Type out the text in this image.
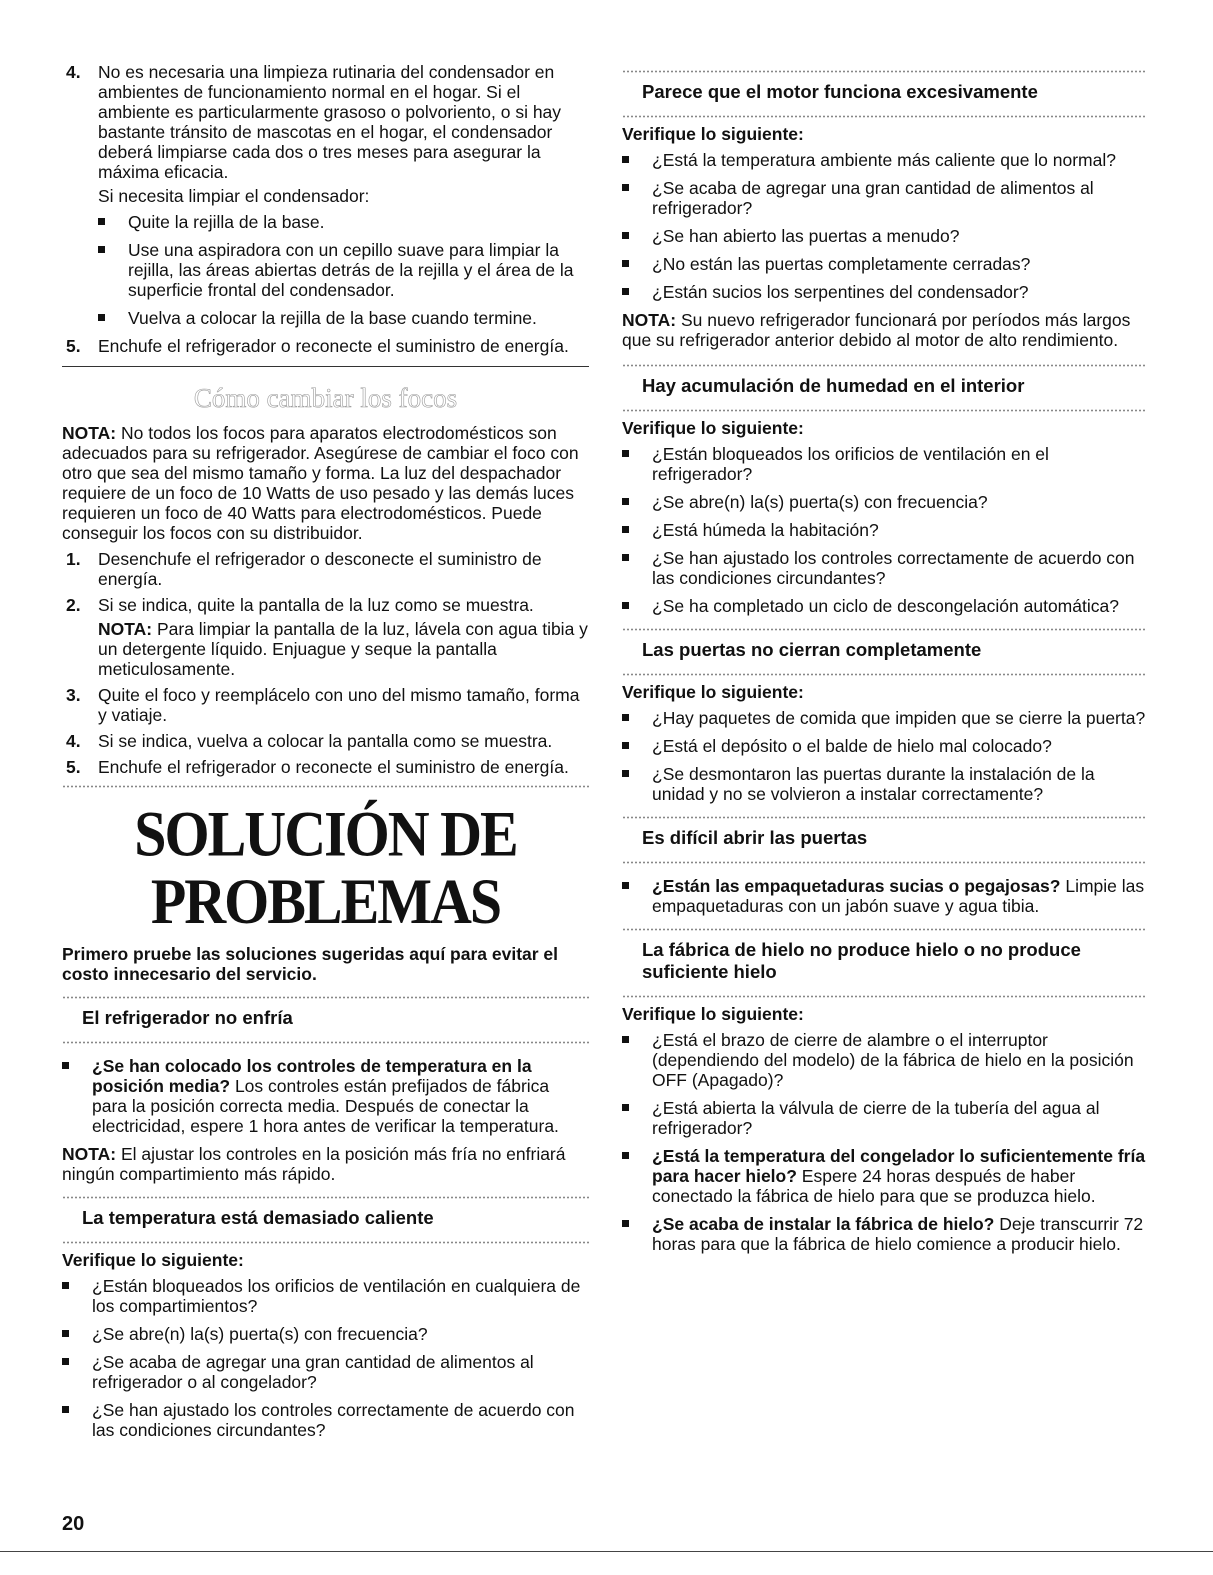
4. No es necesaria una limpieza rutinaria del condensador en ambientes de funcionamiento normal en el hogar. Si el ambiente es particularmente grasoso o polvoriento, o si hay bastante tránsito de mascotas en el hogar, el condensador deberá limpiarse cada dos o tres meses para asegurar la máxima eficacia.

Si necesita limpiar el condensador:

Quite la rejilla de la base.
Use una aspiradora con un cepillo suave para limpiar la rejilla, las áreas abiertas detrás de la rejilla y el área de la superficie frontal del condensador.
Vuelva a colocar la rejilla de la base cuando termine.
5. Enchufe el refrigerador o reconecte el suministro de energía.

Cómo cambiar los focos

NOTA: No todos los focos para aparatos electrodomésticos son adecuados para su refrigerador. Asegúrese de cambiar el foco con otro que sea del mismo tamaño y forma. La luz del despachador requiere de un foco de 10 Watts de uso pesado y las demás luces requieren un foco de 40 Watts para electrodomésticos. Puede conseguir los focos con su distribuidor.

1. Desenchufe el refrigerador o desconecte el suministro de energía.

2. Si se indica, quite la pantalla de la luz como se muestra.

NOTA: Para limpiar la pantalla de la luz, lávela con agua tibia y un detergente líquido. Enjuague y seque la pantalla meticulosamente.

3. Quite el foco y reemplácelo con uno del mismo tamaño, forma y vatiaje.

4. Si se indica, vuelva a colocar la pantalla como se muestra.

5. Enchufe el refrigerador o reconecte el suministro de energía.

SOLUCIÓN DE PROBLEMAS

Primero pruebe las soluciones sugeridas aquí para evitar el costo innecesario del servicio.

El refrigerador no enfría
¿Se han colocado los controles de temperatura en la posición media? Los controles están prefijados de fábrica para la posición correcta media. Después de conectar la electricidad, espere 1 hora antes de verificar la temperatura.

NOTA: El ajustar los controles en la posición más fría no enfriará ningún compartimiento más rápido.

La temperatura está demasiado caliente

Verifique lo siguiente:

¿Están bloqueados los orificios de ventilación en cualquiera de los compartimientos?
¿Se abre(n) la(s) puerta(s) con frecuencia?
¿Se acaba de agregar una gran cantidad de alimentos al refrigerador o al congelador?
¿Se han ajustado los controles correctamente de acuerdo con las condiciones circundantes?
Parece que el motor funciona excesivamente

Verifique lo siguiente:

¿Está la temperatura ambiente más caliente que lo normal?
¿Se acaba de agregar una gran cantidad de alimentos al refrigerador?
¿Se han abierto las puertas a menudo?
¿No están las puertas completamente cerradas?
¿Están sucios los serpentines del condensador?

NOTA: Su nuevo refrigerador funcionará por períodos más largos que su refrigerador anterior debido al motor de alto rendimiento.

Hay acumulación de humedad en el interior

Verifique lo siguiente:

¿Están bloqueados los orificios de ventilación en el refrigerador?
¿Se abre(n) la(s) puerta(s) con frecuencia?
¿Está húmeda la habitación?
¿Se han ajustado los controles correctamente de acuerdo con las condiciones circundantes?
¿Se ha completado un ciclo de descongelación automática?
Las puertas no cierran completamente

Verifique lo siguiente:

¿Hay paquetes de comida que impiden que se cierre la puerta?
¿Está el depósito o el balde de hielo mal colocado?
¿Se desmontaron las puertas durante la instalación de la unidad y no se volvieron a instalar correctamente?
Es difícil abrir las puertas
¿Están las empaquetaduras sucias o pegajosas? Limpie las empaquetaduras con un jabón suave y agua tibia.
La fábrica de hielo no produce hielo o no produce suficiente hielo

Verifique lo siguiente:

¿Está el brazo de cierre de alambre o el interruptor (dependiendo del modelo) de la fábrica de hielo en la posición OFF (Apagado)?
¿Está abierta la válvula de cierre de la tubería del agua al refrigerador?
¿Está la temperatura del congelador lo suficientemente fría para hacer hielo? Espere 24 horas después de haber conectado la fábrica de hielo para que se produzca hielo.
¿Se acaba de instalar la fábrica de hielo? Deje transcurrir 72 horas para que la fábrica de hielo comience a producir hielo.
20
